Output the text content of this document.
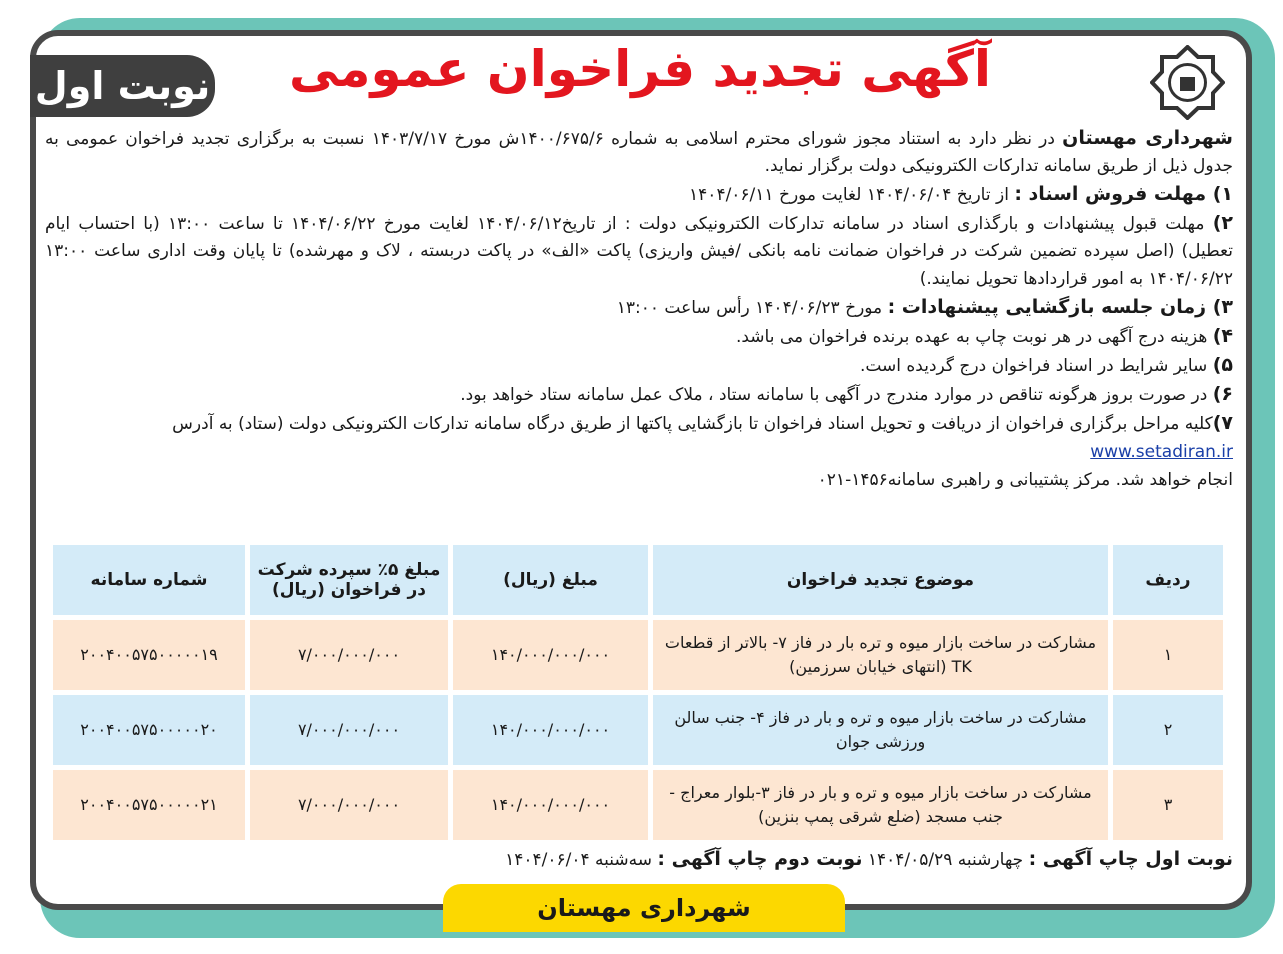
نوبت اول	آگهی تجدید فراخوان عمومی
شهرداری مهستان در نظر دارد به استناد مجوز شورای محترم اسلامی به شماره ۱۴۰۰/۶۷۵/۶ش مورخ ۱۴۰۳/۷/۱۷ نسبت به برگزاری تجدید فراخوان عمومی به
جدول ذیل از طریق سامانه تدارکات الکترونیکی دولت برگزار نماید.
۱) مهلت فروش اسناد : از تاریخ ۱۴۰۴/۰۶/۰۴ لغایت مورخ ۱۴۰۴/۰۶/۱۱
۲) مهلت قبول پیشنهادات و بارگذاری اسناد در سامانه تدارکات الکترونیکی دولت : از تاریخ۱۴۰۴/۰۶/۱۲ لغایت مورخ ۱۴۰۴/۰۶/۲۲ تا ساعت ۱۳:۰۰ (با احتساب ایام
تعطیل) (اصل سپرده تضمین شرکت در فراخوان ضمانت نامه بانکی /فیش واریزی) پاکت «الف» در پاکت دربسته ، لاک و مهرشده) تا پایان وقت اداری ساعت ۱۳:۰۰
۱۴۰۴/۰۶/۲۲ به امور قراردادها تحویل نمایند.)
۳) زمان جلسه بازگشایی پیشنهادات : مورخ ۱۴۰۴/۰۶/۲۳ رأس ساعت ۱۳:۰۰
۴) هزینه درج آگهی در هر نوبت چاپ به عهده برنده فراخوان می باشد.
۵) سایر شرایط در اسناد فراخوان درج گردیده است.
۶) در صورت بروز هرگونه تناقص در موارد مندرج در آگهی با سامانه ستاد ، ملاک عمل سامانه ستاد خواهد بود.
۷)کلیه مراحل برگزاری فراخوان از دریافت و تحویل اسناد فراخوان تا بازگشایی پاکتها از طریق درگاه سامانه تدارکات الکترونیکی دولت (ستاد) به آدرس www.setadiran.ir
انجام خواهد شد. مرکز پشتیبانی و راهبری سامانه۱۴۵۶-۰۲۱
ردیف	موضوع تجدید فراخوان	مبلغ (ریال)	مبلغ ۵٪ سپرده شرکت در فراخوان (ریال)	شماره سامانه
۱	مشارکت در ساخت بازار میوه و تره بار در فاز ۷- بالاتر از قطعات TK (انتهای خیابان سرزمین)	۱۴۰/۰۰۰/۰۰۰/۰۰۰	۷/۰۰۰/۰۰۰/۰۰۰	۲۰۰۴۰۰۵۷۵۰۰۰۰۰۱۹
۲	مشارکت در ساخت بازار میوه و تره و بار در فاز ۴- جنب سالن ورزشی جوان	۱۴۰/۰۰۰/۰۰۰/۰۰۰	۷/۰۰۰/۰۰۰/۰۰۰	۲۰۰۴۰۰۵۷۵۰۰۰۰۰۲۰
۳	مشارکت در ساخت بازار میوه و تره و بار در فاز ۳-بلوار معراج - جنب مسجد (ضلع شرقی پمپ بنزین)	۱۴۰/۰۰۰/۰۰۰/۰۰۰	۷/۰۰۰/۰۰۰/۰۰۰	۲۰۰۴۰۰۵۷۵۰۰۰۰۰۲۱
نوبت اول چاپ آگهی : چهارشنبه ۱۴۰۴/۰۵/۲۹ نوبت دوم چاپ آگهی : سه‌شنبه ۱۴۰۴/۰۶/۰۴
شهرداری مهستان
